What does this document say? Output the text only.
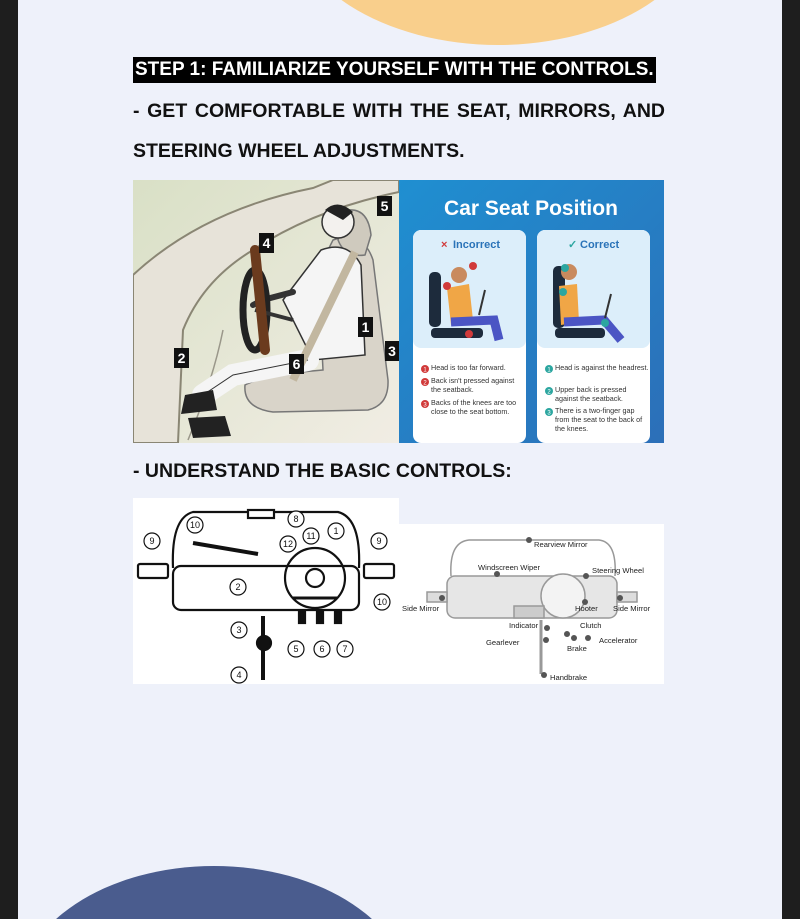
STEP 1: FAMILIARIZE YOURSELF WITH THE CONTROLS.
- GET COMFORTABLE WITH THE SEAT, MIRRORS, AND
STEERING WHEEL ADJUSTMENTS.
5
4
1
3
2	6
Car Seat Position
× Incorrect	✓ Correct
1 Head is too far forward.
2 Back isn't pressed against the seatback.
3 Backs of the knees are too close to the seat bottom.
1 Head is against the headrest.
2 Upper back is pressed against the seatback.
3 There is a two-finger gap from the seat to the back of the knees.
- UNDERSTAND THE BASIC CONTROLS:
10
8
11 1
12
9	9
2
10
3
5 6 7
4
Rearview Mirror
Windscreen Wiper	Steering Wheel
Side Mirror	Hooter Side Mirror
Indicator	Clutch
Gearlever	Accelerator
Brake
Handbrake
